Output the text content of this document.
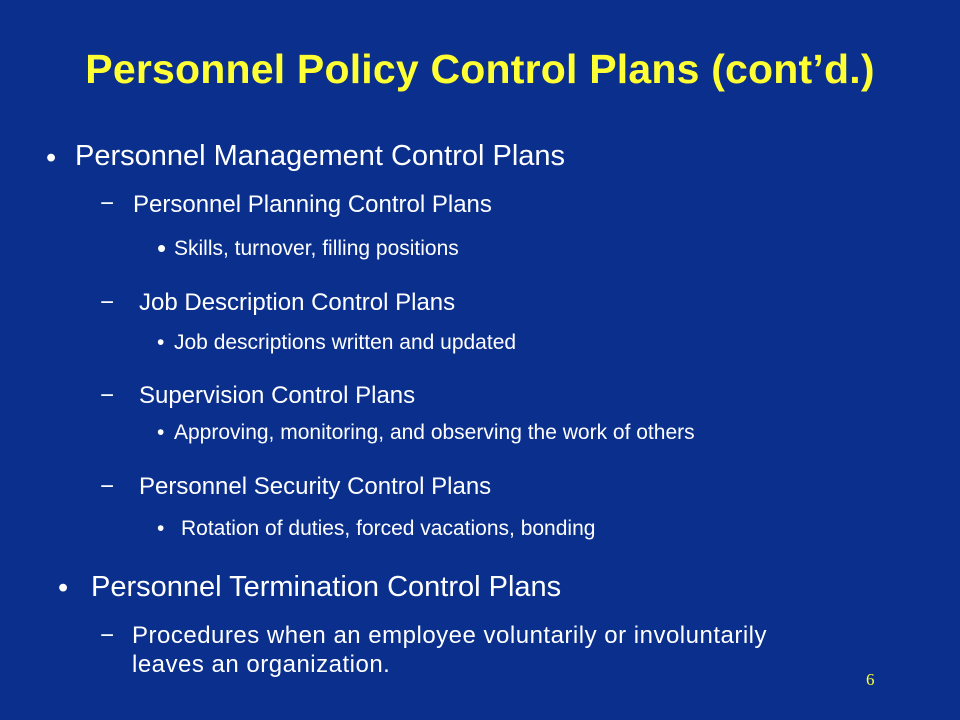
Personnel Policy Control Plans (cont’d.)
• Personnel Management Control Plans
− Personnel Planning Control Plans
• Skills, turnover, filling positions
− Job Description Control Plans
• Job descriptions written and updated
− Supervision Control Plans
• Approving, monitoring, and observing the work of others
− Personnel Security Control Plans
• Rotation of duties, forced vacations, bonding
• Personnel Termination Control Plans
− Procedures when an employee voluntarily or involuntarily
leaves an organization.
6
